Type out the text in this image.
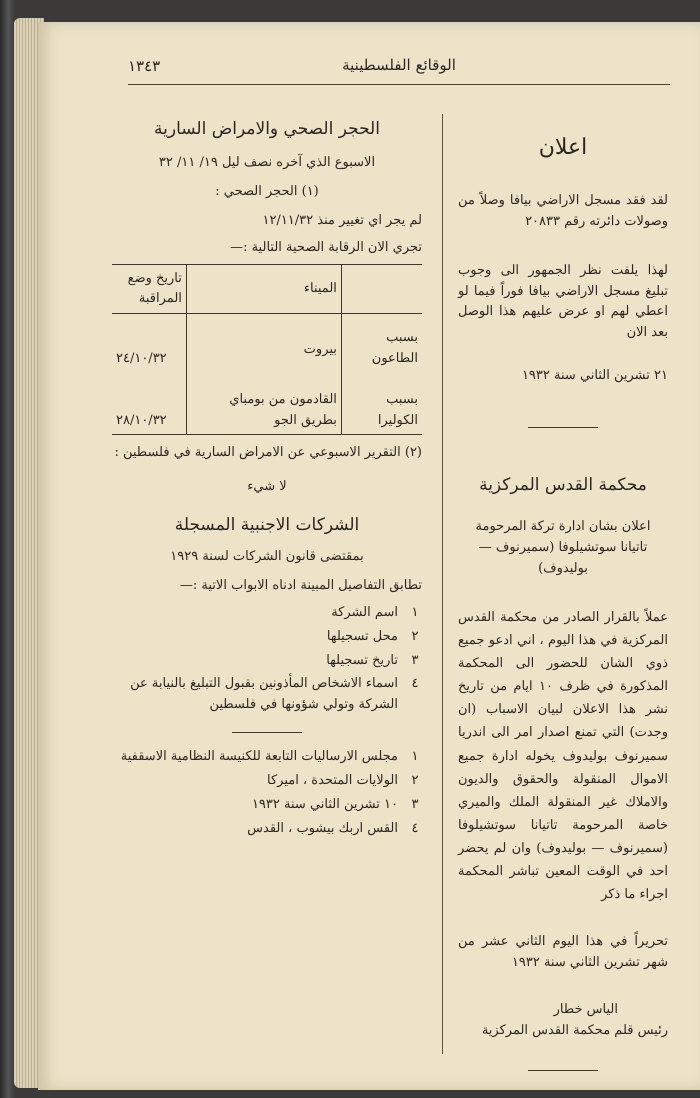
الوقائع الفلسطينية
١٣٤٣
اعلان

لقد فقد مسجل الاراضي بيافا وصلاً من وصولات دائرته رقم ٢٠٨٣٣

لهذا يلفت نظر الجمهور الى وجوب تبليغ مسجل الاراضي بيافا فوراً فيما لو اعطي لهم او عرض عليهم هذا الوصل بعد الان

٢١ تشرين الثاني سنة ١٩٣٢

محكمة القدس المركزية
اعلان بشان ادارة تركة المرحومة
تاتيانا سوتشيلوفا (سميرنوف — بوليدوف)

عملاً بالقرار الصادر من محكمة القدس المركزية في هذا اليوم ، اني ادعو جميع ذوي الشان للحضور الى المحكمة المذكورة في ظرف ١٠ ايام من تاريخ نشر هذا الاعلان لبيان الاسباب (ان وجدت) التي تمنع اصدار امر الى اندريا سميرنوف بوليدوف يخوله ادارة جميع الاموال المنقولة والحقوق والديون والاملاك غير المنقولة الملك والميري خاصة المرحومة تاتيانا سوتشيلوفا (سميرنوف — بوليدوف) وان لم يحضر احد في الوقت المعين تباشر المحكمة اجراء ما ذكر

تحريراً في هذا اليوم الثاني عشر من شهر تشرين الثاني سنة ١٩٣٢

الياس خطار
رئيس قلم محكمة القدس المركزية
الحجر الصحي والامراض السارية
الاسبوع الذي آخره نصف ليل ١٩/ ١١/ ٣٢
(١) الحجر الصحي :
لم يجر اي تغيير منذ ١٢/١١/٣٢
تجري الان الرقابة الصحية التالية :—
	الميناء	تاريخ وضع المراقبة
بسبب الطاعون	بيروت	٢٤/١٠/٣٢
بسبب الكوليرا	القادمون من بومباي بطريق الجو	٢٨/١٠/٣٢

(٢) التقرير الاسبوعي عن الامراض السارية في فلسطين :

لا شيء
الشركات الاجنبية المسجلة
بمقتضى قانون الشركات لسنة ١٩٢٩
تطابق التفاصيل المبينة ادناه الابواب الاتية :—
١
اسم الشركة
٢
محل تسجيلها
٣
تاريخ تسجيلها
٤
اسماء الاشخاص المأذونين بقبول التبليغ بالنيابة عن الشركة وتولي شؤونها في فلسطين
١
مجلس الارساليات التابعة للكنيسة النظامية الاسقفية
٢
الولايات المتحدة ، اميركا
٣
١٠ تشرين الثاني سنة ١٩٣٢
٤
القس اربك بيشوب ، القدس
